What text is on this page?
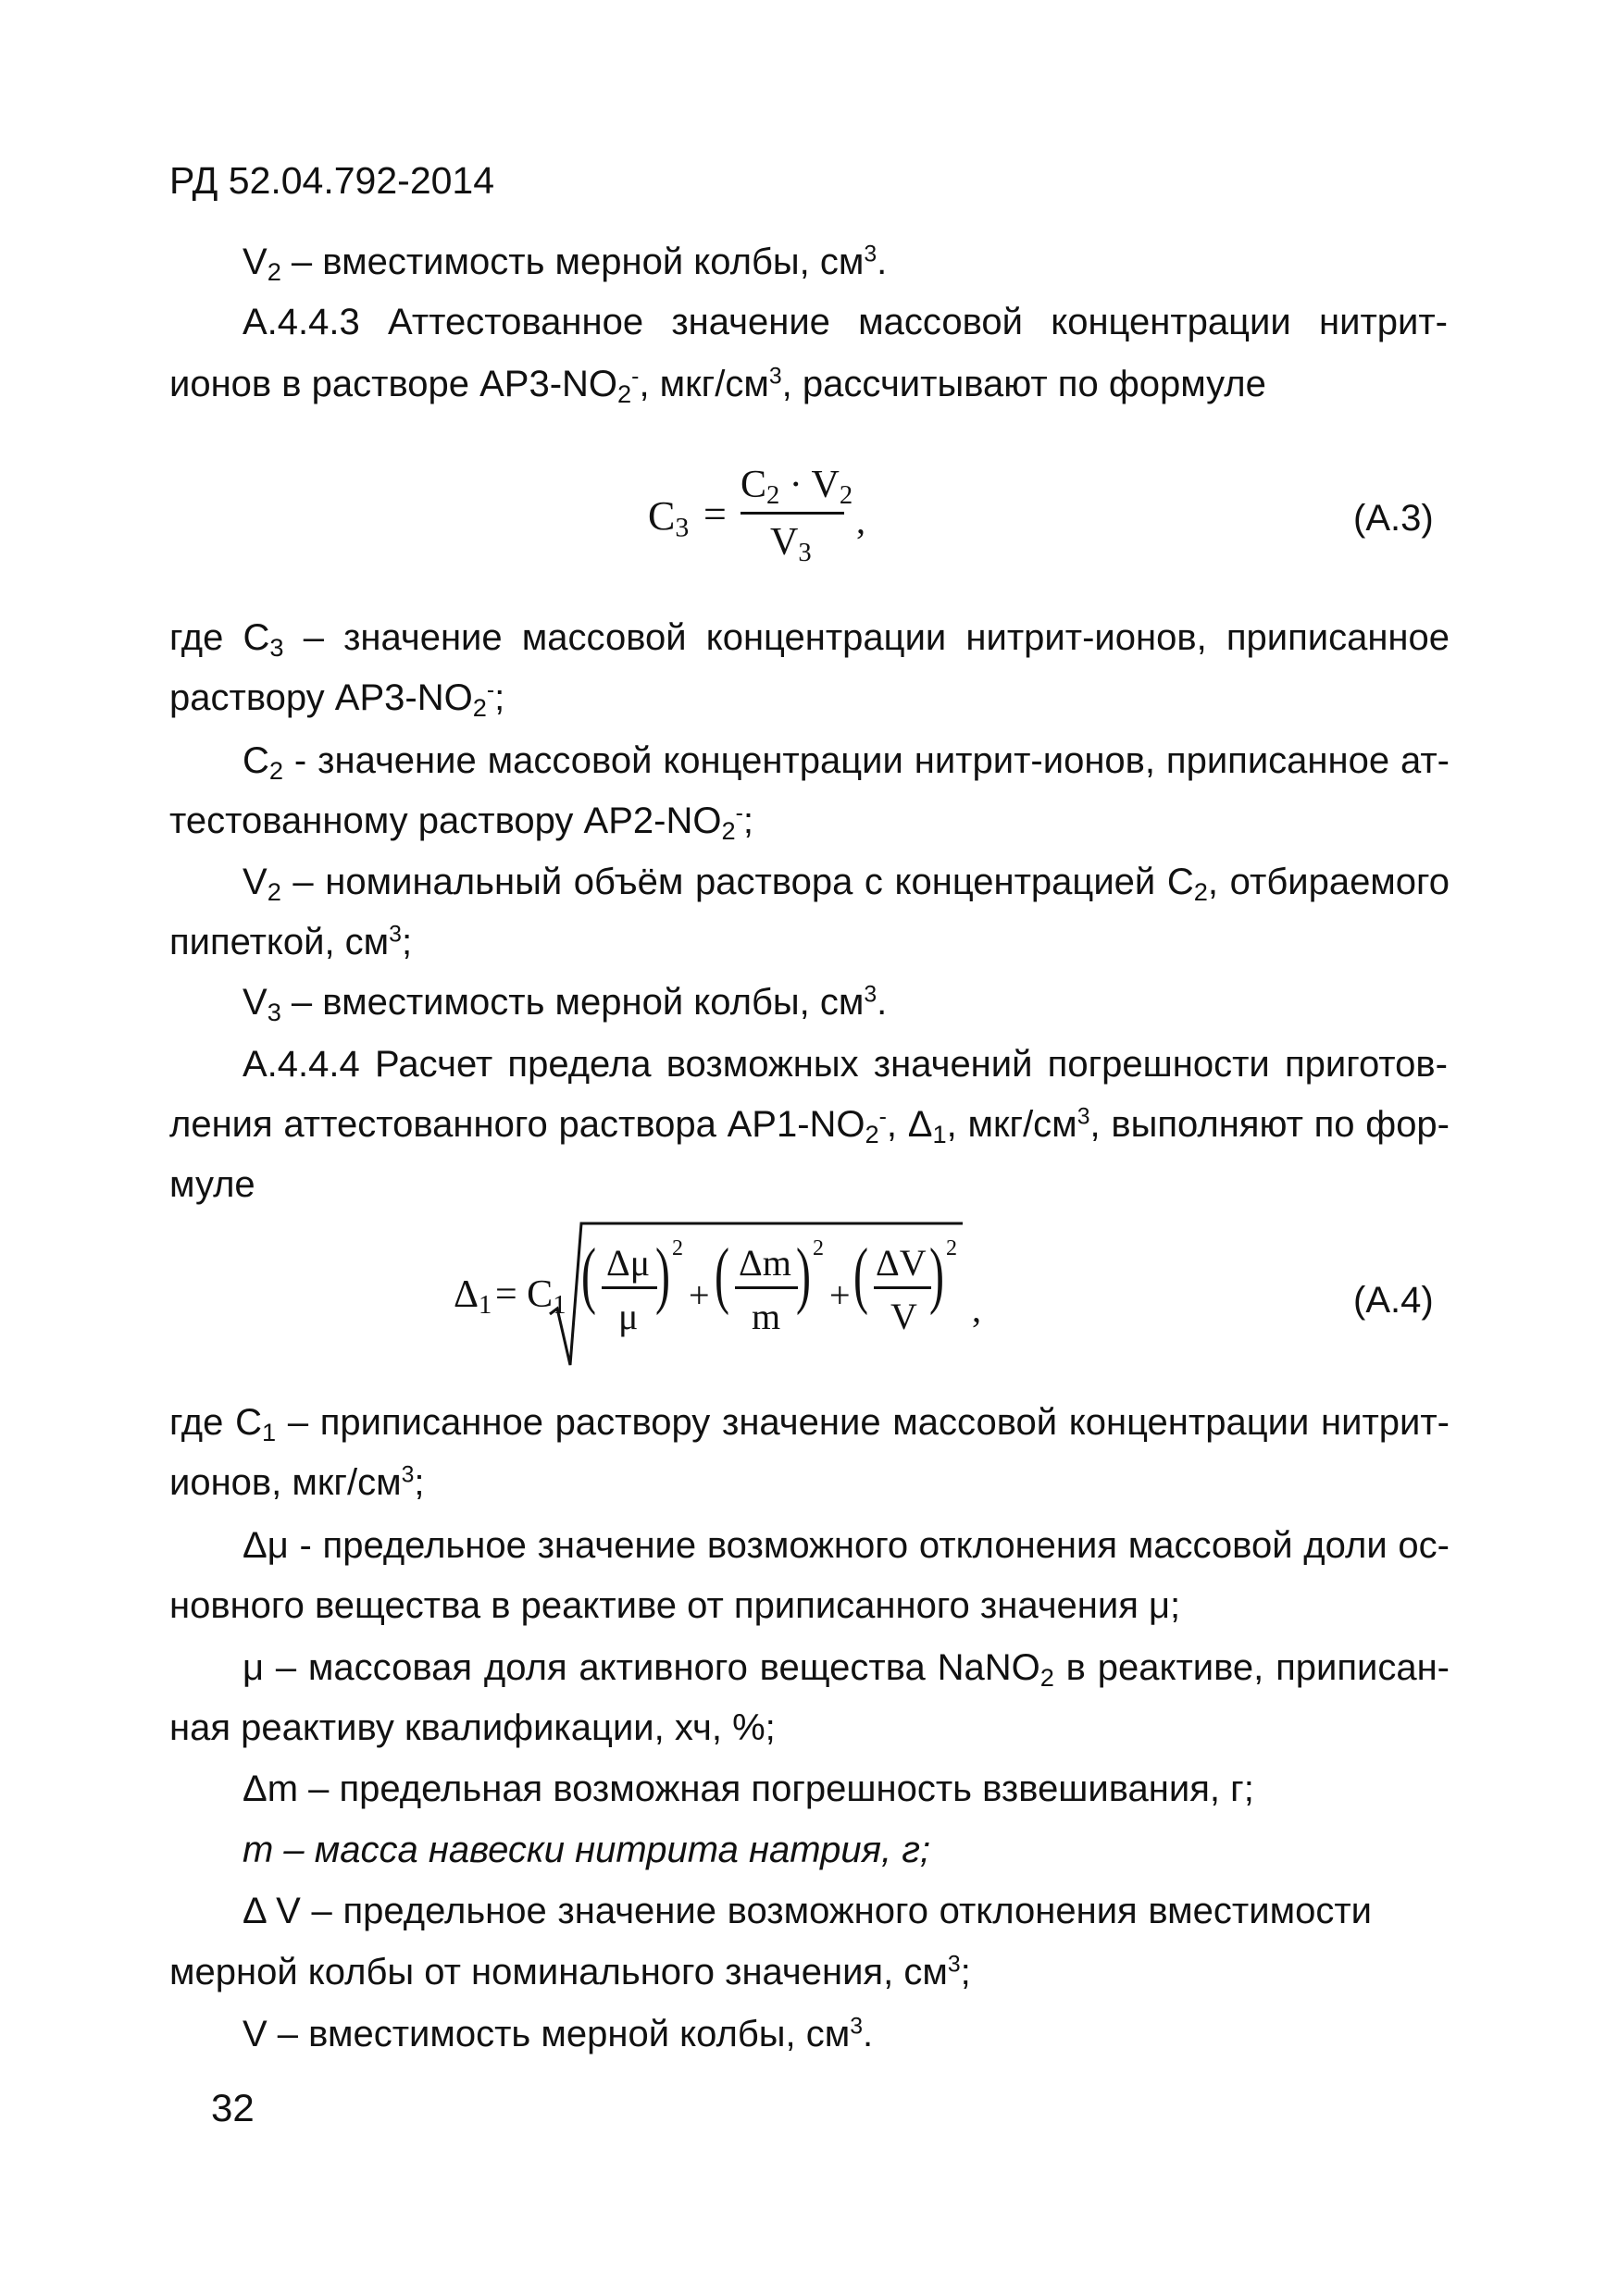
РД 52.04.792-2014
$V_2$ – вместимость мерной колбы, $см^3$.
А.4.4.3 Аттестованное значение массовой концентрации нитрит-
ионов в растворе $АР3-NO_2^-$, мкг/$см^3$, рассчитывают по формуле
$C_3$ =
$C_2 \cdot V_2$
$V_3$
,	(А.3)
где $С_3$ – значение массовой концентрации нитрит-ионов, приписанное
раствору $АР3-NO_2^-$;
$С_2$ - значение массовой концентрации нитрит-ионов, приписанное ат-
тестованному раствору $АР2-NO_2^-$;
$V_2$ – номинальный объём раствора с концентрацией $С_2$, отбираемого
пипеткой, $см^3$;
$V_3$ – вместимость мерной колбы, $см^3$.
А.4.4.4 Расчет предела возможных значений погрешности приготов-
ления аттестованного раствора $АР1-NO_2^-$, $\Delta_1$, мкг/$см^3$, выполняют по фор-
муле
$\Delta_1 = C_1$ ( Δμ
μ
) 2
+ ( Δm
m
) 2
+ ( ΔV
V
) 2
,	(А.4)
где $С_1$ – приписанное раствору значение массовой концентрации нитрит-
ионов, мкг/$см^3$;
Δμ - предельное значение возможного отклонения массовой доли ос-
новного вещества в реактиве от приписанного значения μ;
μ – массовая доля активного вещества NaNO$_2$ в реактиве, приписан-
ная реактиву квалификации, хч, %;
Δm – предельная возможная погрешность взвешивания, г;
m – масса навески нитрита натрия, г;
Δ V – предельное значение возможного отклонения вместимости
мерной колбы от номинального значения, $см^3$;
V – вместимость мерной колбы, $см^3$.
32
